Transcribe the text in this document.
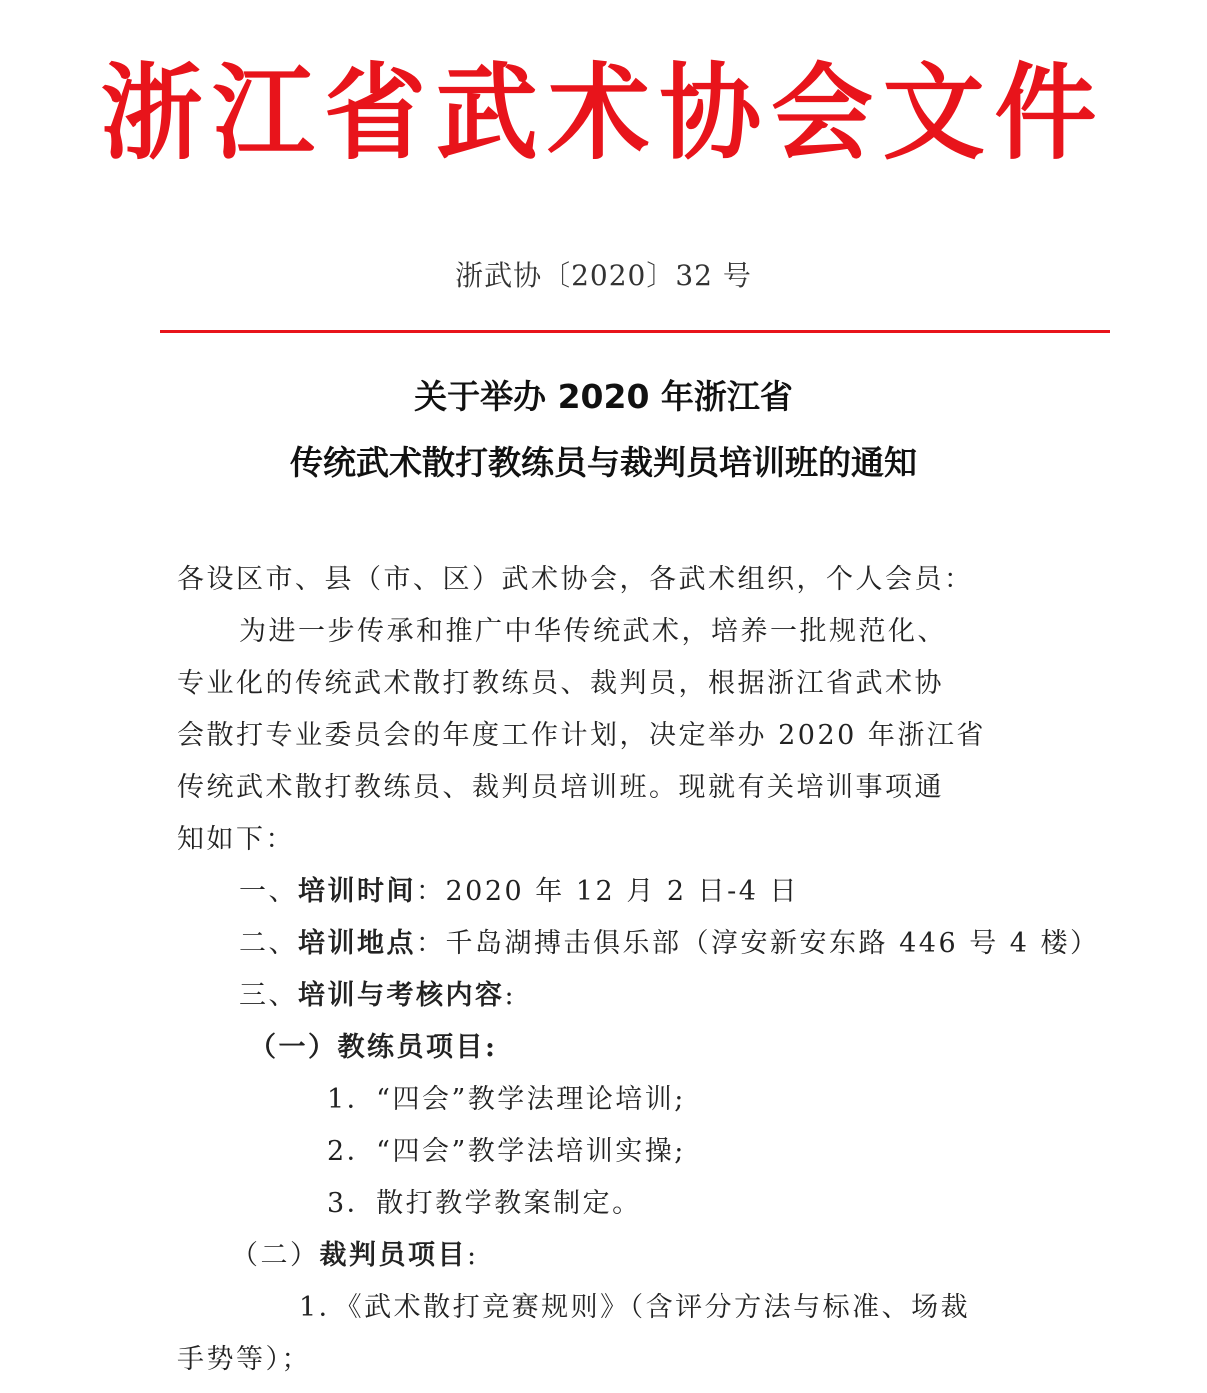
浙江省武术协会文件
浙武协〔2020〕32 号
关于举办 2020 年浙江省
传统武术散打教练员与裁判员培训班的通知
各设区市、县（市、区）武术协会，各武术组织，个人会员：
为进一步传承和推广中华传统武术，培养一批规范化、
专业化的传统武术散打教练员、裁判员，根据浙江省武术协
会散打专业委员会的年度工作计划，决定举办 2020 年浙江省
传统武术散打教练员、裁判员培训班。现就有关培训事项通
知如下：
一、培训时间：2020 年 12 月 2 日-4 日
二、培训地点：千岛湖搏击俱乐部（淳安新安东路 446 号 4 楼）
三、培训与考核内容:
（一）教练员项目:
1．“四会”教学法理论培训;
2．“四会”教学法培训实操;
3．散打教学教案制定。
（二）裁判员项目:
1．《武术散打竞赛规则》（含评分方法与标准、场裁
手势等）；
